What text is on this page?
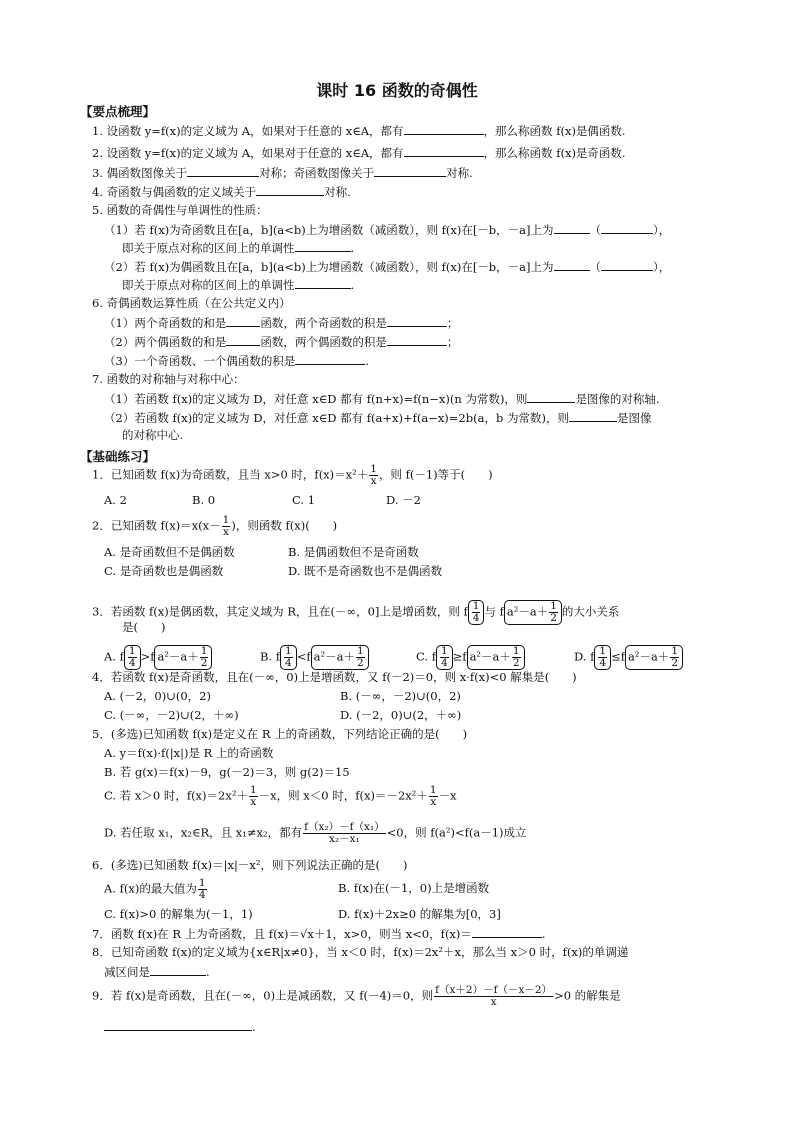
课时 16 函数的奇偶性
【要点梳理】
1. 设函数 y=f(x)的定义域为 A，如果对于任意的 x∈A，都有	，那么称函数 f(x)是偶函数.
2. 设函数 y=f(x)的定义域为 A，如果对于任意的 x∈A，都有	，那么称函数 f(x)是奇函数.
3. 偶函数图像关于	对称；奇函数图像关于	对称.
4. 奇函数与偶函数的定义域关于	对称.
5. 函数的奇偶性与单调性的性质：
（1）若 f(x)为奇函数且在[a，b](a<b)上为增函数（减函数），则 f(x)在[－b，－a]上为	（	），
即关于原点对称的区间上的单调性	.
（2）若 f(x)为偶函数且在[a，b](a<b)上为增函数（减函数），则 f(x)在[－b，－a]上为	（	），
即关于原点对称的区间上的单调性	.
6. 奇偶函数运算性质（在公共定义内）
（1）两个奇函数的和是	函数，两个奇函数的积是	；
（2）两个偶函数的和是	函数，两个偶函数的积是	；
（3）一个奇函数、一个偶函数的积是	.
7. 函数的对称轴与对称中心：
（1）若函数 f(x)的定义域为 D，对任意 x∈D 都有 f(n+x)=f(n−x)(n 为常数)，则	是图像的对称轴.
（2）若函数 f(x)的定义域为 D，对任意 x∈D 都有 f(a+x)+f(a−x)=2b(a，b 为常数)，则	是图像
的对称中心.
【基础练习】
1．已知函数 f(x)为奇函数，且当 x>0 时，$f(x)=x^2+ \frac{1}{x}$ ，则 f(－1)等于(　　)
A. 2	B. 0	C. 1	D. －2
2．已知函数 $f(x)=x(x- \frac{1}{x}$ )，则函数 f(x)(　　)
A. 是奇函数但不是偶函数	B. 是偶函数但不是奇函数
C. 是奇函数也是偶函数	D. 既不是奇函数也不是偶函数
3．若函数 f(x)是偶函数，其定义域为 R，且在(－∞，0]上是增函数，则 f $\frac{1}{4}$ 与 f $a^2-a+ \frac{1}{2}$ 的大小关系
是(　　)
A. f $\frac{1}{4} >f$ $a^2-a+ \frac{1}{2}$	B. f $\frac{1}{4} <f$ $a^2-a+ \frac{1}{2}$	C. f $\frac{1}{4} \ge f$ $a^2-a+ \frac{1}{2}$	D. f $\frac{1}{4} \le f$ $a^2-a+ \frac{1}{2}$
4．若函数 f(x)是奇函数，且在(－∞，0)上是增函数，又 f(－2)＝0，则 x·f(x)<0 解集是(　　)
A. (－2，0)∪(0，2)	B. (－∞，－2)∪(0，2)
C. (－∞，－2)∪(2，＋∞)	D. (－2，0)∪(2，＋∞)
5．(多选)已知函数 f(x)是定义在 R 上的奇函数，下列结论正确的是(　　)
A. y＝f(x)·f(|x|)是 R 上的奇函数
B. 若 g(x)＝f(x)－9，g(－2)＝3，则 g(2)＝15
C. 若 x＞0 时，$f(x)=2x^2+ \frac{1}{x} -x$，则 x＜0 时，$f(x)=-2x^2+ \frac{1}{x} -x$
D. 若任取 x₁，x₂∈R，且 x₁≠x₂，都有 $\frac{\text{f（x₂）－f（x₁）}}{\text{x₂－x₁}} <0$，则 f(a²)<f(a－1)成立
6．(多选)已知函数 f(x)＝|x|－x²，则下列说法正确的是(　　)
A. f(x)的最大值为 $\frac{1}{4}$	B. f(x)在(－1，0)上是增函数
C. f(x)>0 的解集为(－1，1)	D. f(x)＋2x≥0 的解集为[0，3]
7．函数 f(x)在 R 上为奇函数，且 f(x)＝√x＋1，x>0，则当 x<0，f(x)＝	.
8．已知奇函数 f(x)的定义域为{x∈R|x≠0}，当 x＜0 时，f(x)＝2x²＋x，那么当 x＞0 时，f(x)的单调递
减区间是	.
9．若 f(x)是奇函数，且在(－∞，0)上是减函数，又 f(－4)＝0，则 $\frac{f(x+2)-f(-x-2)}{x} >0$ 的解集是
.
